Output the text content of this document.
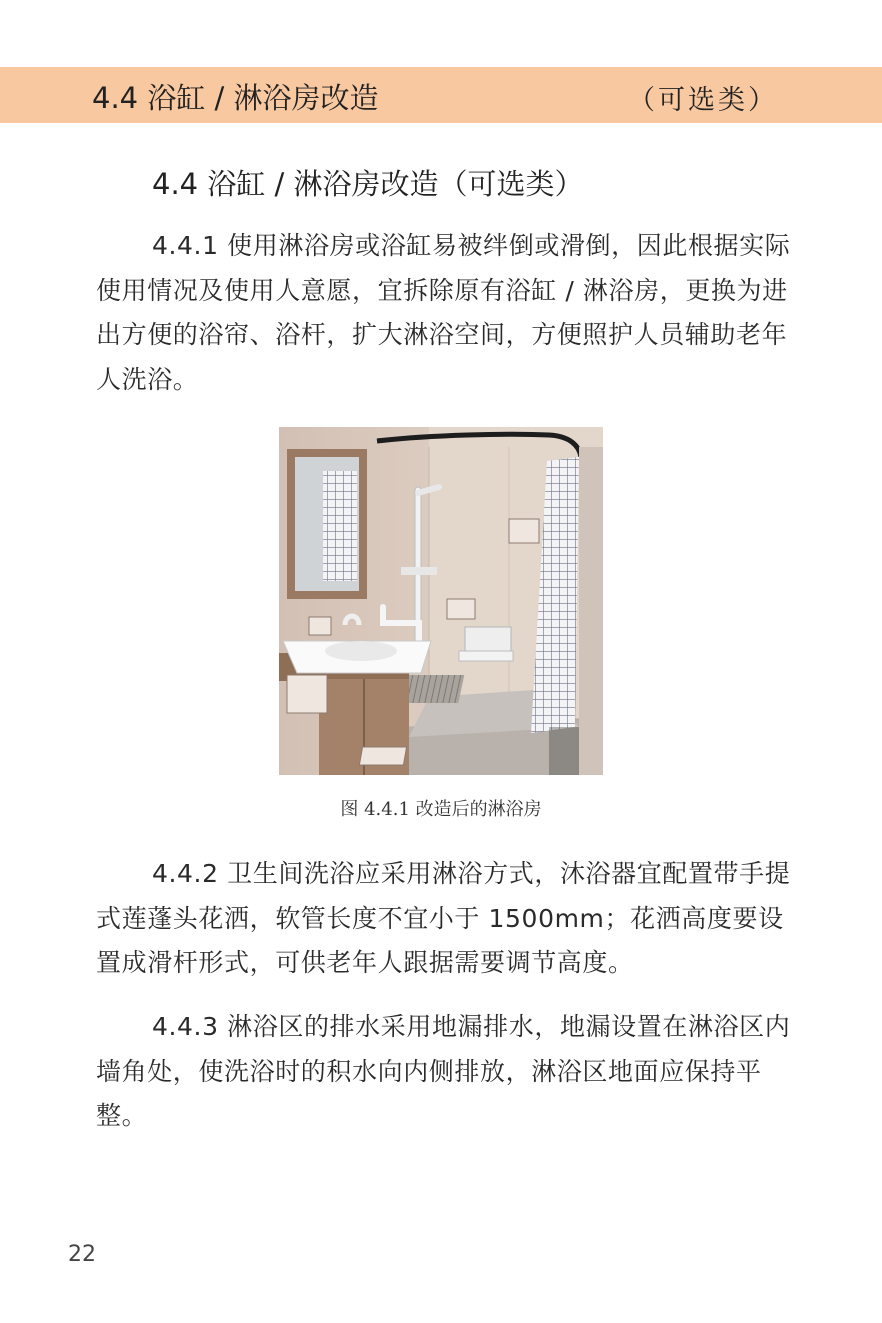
4.4 浴缸 / 淋浴房改造	（可选类）
4.4 浴缸 / 淋浴房改造（可选类）

4.4.1 使用淋浴房或浴缸易被绊倒或滑倒，因此根据实际使用情况及使用人意愿，宜拆除原有浴缸 / 淋浴房，更换为进出方便的浴帘、浴杆，扩大淋浴空间，方便照护人员辅助老年人洗浴。

图 4.4.1 改造后的淋浴房

4.4.2 卫生间洗浴应采用淋浴方式，沐浴器宜配置带手提式莲蓬头花洒，软管长度不宜小于 1500mm；花洒高度要设置成滑杆形式，可供老年人跟据需要调节高度。

4.4.3 淋浴区的排水采用地漏排水，地漏设置在淋浴区内墙角处，使洗浴时的积水向内侧排放，淋浴区地面应保持平整。

22
